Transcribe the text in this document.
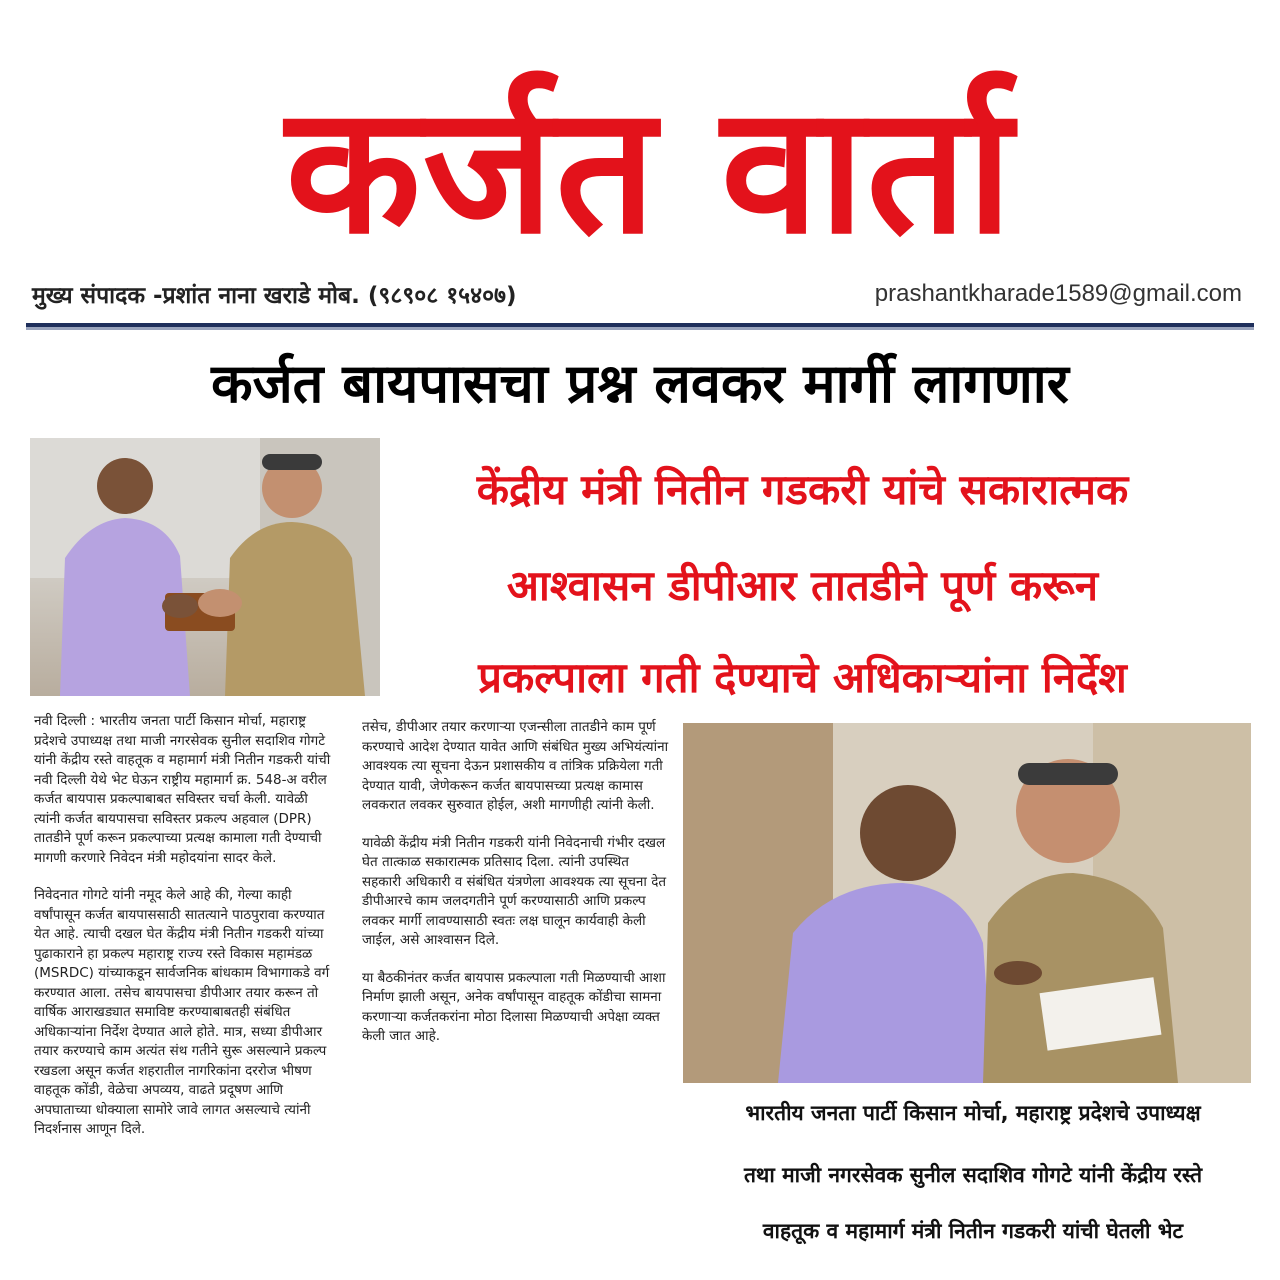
कर्जत वार्ता
मुख्य संपादक -प्रशांत नाना खराडे मोब. (९८९०८ १५४०७)	prashantkharade1589@gmail.com
कर्जत बायपासचा प्रश्न लवकर मार्गी लागणार
केंद्रीय मंत्री नितीन गडकरी यांचे सकारात्मक
आश्वासन डीपीआर तातडीने पूर्ण करून
प्रकल्पाला गती देण्याचे अधिकाऱ्यांना निर्देश

नवी दिल्ली : भारतीय जनता पार्टी किसान मोर्चा, महाराष्ट्र प्रदेशचे उपाध्यक्ष तथा माजी नगरसेवक सुनील सदाशिव गोगटे यांनी केंद्रीय रस्ते वाहतूक व महामार्ग मंत्री नितीन गडकरी यांची नवी दिल्ली येथे भेट घेऊन राष्ट्रीय महामार्ग क्र. 548-अ वरील कर्जत बायपास प्रकल्पाबाबत सविस्तर चर्चा केली. यावेळी त्यांनी कर्जत बायपासचा सविस्तर प्रकल्प अहवाल (DPR) तातडीने पूर्ण करून प्रकल्पाच्या प्रत्यक्ष कामाला गती देण्याची मागणी करणारे निवेदन मंत्री महोदयांना सादर केले.

निवेदनात गोगटे यांनी नमूद केले आहे की, गेल्या काही वर्षांपासून कर्जत बायपाससाठी सातत्याने पाठपुरावा करण्यात येत आहे. त्याची दखल घेत केंद्रीय मंत्री नितीन गडकरी यांच्या पुढाकाराने हा प्रकल्प महाराष्ट्र राज्य रस्ते विकास महामंडळ (MSRDC) यांच्याकडून सार्वजनिक बांधकाम विभागाकडे वर्ग करण्यात आला. तसेच बायपासचा डीपीआर तयार करून तो वार्षिक आराखड्यात समाविष्ट करण्याबाबतही संबंधित अधिकाऱ्यांना निर्देश देण्यात आले होते. मात्र, सध्या डीपीआर तयार करण्याचे काम अत्यंत संथ गतीने सुरू असल्याने प्रकल्प रखडला असून कर्जत शहरातील नागरिकांना दररोज भीषण वाहतूक कोंडी, वेळेचा अपव्यय, वाढते प्रदूषण आणि अपघाताच्या धोक्याला सामोरे जावे लागत असल्याचे त्यांनी निदर्शनास आणून दिले.

तसेच, डीपीआर तयार करणाऱ्या एजन्सीला तातडीने काम पूर्ण करण्याचे आदेश देण्यात यावेत आणि संबंधित मुख्य अभियंत्यांना आवश्यक त्या सूचना देऊन प्रशासकीय व तांत्रिक प्रक्रियेला गती देण्यात यावी, जेणेकरून कर्जत बायपासच्या प्रत्यक्ष कामास लवकरात लवकर सुरुवात होईल, अशी मागणीही त्यांनी केली.

यावेळी केंद्रीय मंत्री नितीन गडकरी यांनी निवेदनाची गंभीर दखल घेत तात्काळ सकारात्मक प्रतिसाद दिला. त्यांनी उपस्थित सहकारी अधिकारी व संबंधित यंत्रणेला आवश्यक त्या सूचना देत डीपीआरचे काम जलदगतीने पूर्ण करण्यासाठी आणि प्रकल्प लवकर मार्गी लावण्यासाठी स्वतः लक्ष घालून कार्यवाही केली जाईल, असे आश्वासन दिले.

या बैठकीनंतर कर्जत बायपास प्रकल्पाला गती मिळण्याची आशा निर्माण झाली असून, अनेक वर्षांपासून वाहतूक कोंडीचा सामना करणाऱ्या कर्जतकरांना मोठा दिलासा मिळण्याची अपेक्षा व्यक्त केली जात आहे.

भारतीय जनता पार्टी किसान मोर्चा, महाराष्ट्र प्रदेशचे उपाध्यक्ष
तथा माजी नगरसेवक सुनील सदाशिव गोगटे यांनी केंद्रीय रस्ते
वाहतूक व महामार्ग मंत्री नितीन गडकरी यांची घेतली भेट
